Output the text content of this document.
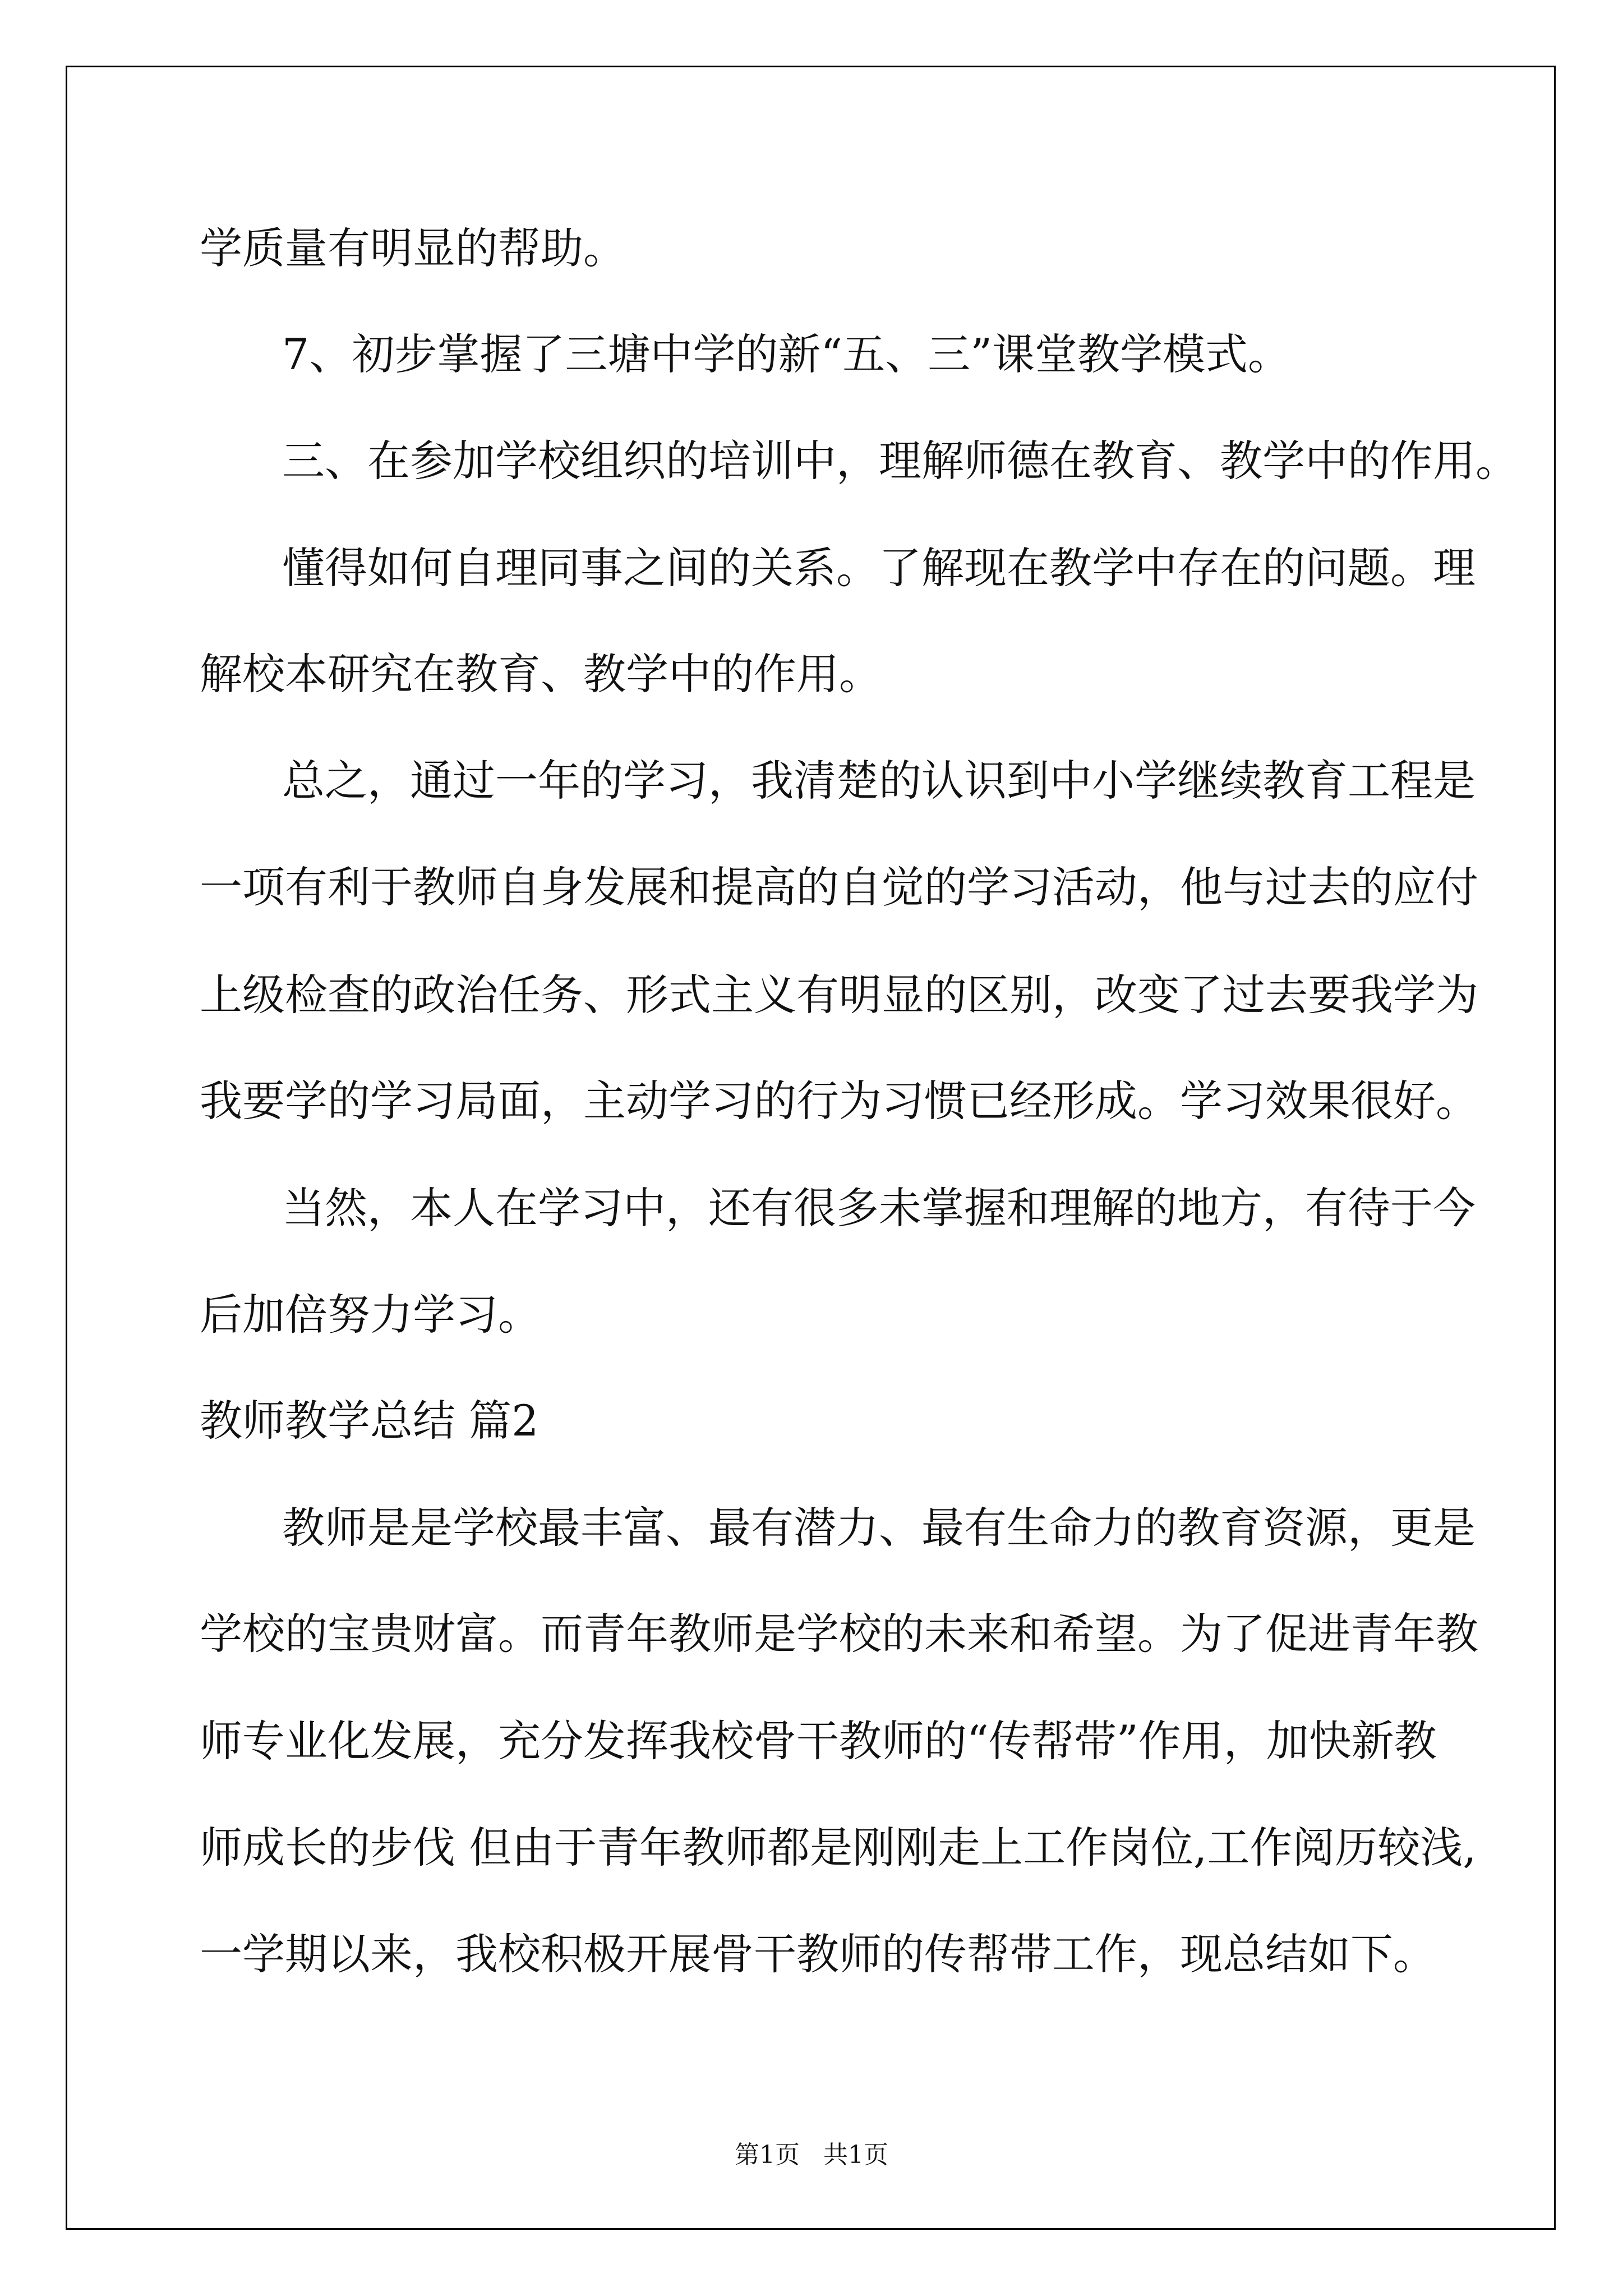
学质量有明显的帮助。

7、初步掌握了三塘中学的新“五、三”课堂教学模式。

三、在参加学校组织的培训中，理解师德在教育、教学中的作用。

懂得如何自理同事之间的关系。了解现在教学中存在的问题。理

解校本研究在教育、教学中的作用。

总之，通过一年的学习，我清楚的认识到中小学继续教育工程是

一项有利于教师自身发展和提高的自觉的学习活动，他与过去的应付

上级检查的政治任务、形式主义有明显的区别，改变了过去要我学为

我要学的学习局面，主动学习的行为习惯已经形成。学习效果很好。

当然，本人在学习中，还有很多未掌握和理解的地方，有待于今

后加倍努力学习。

教师教学总结 篇2

教师是是学校最丰富、最有潜力、最有生命力的教育资源，更是

学校的宝贵财富。而青年教师是学校的未来和希望。为了促进青年教

师专业化发展，充分发挥我校骨干教师的“传帮带”作用，加快新教

师成长的步伐 但由于青年教师都是刚刚走上工作岗位,工作阅历较浅,

一学期以来，我校积极开展骨干教师的传帮带工作，现总结如下。

第1页   共1页
